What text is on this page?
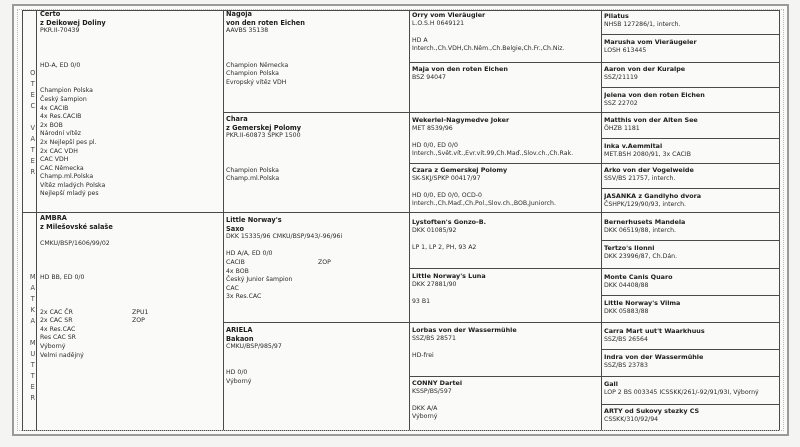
O
T
E
C

V
A
T
E
R
M
A
T
K
A

M
U
T
T
E
R
Certo
z Deikowej Doliny
PKR.II-70439
HD-A, ED 0/0
Champion Polska
Český šampion
4x CACIB
4x Res.CACIB
2x BOB
Národní vítěz
2x Nejlepší pes pl.
2x CAC VDH
CAC VDH
CAC Německa
Champ.ml.Polska
Vítěz mladých Polska
Nejlepší mladý pes
AMBRA
z Milešovské salaše
CMKU/BSP/1606/99/02
HD BB, ED 0/0
2x CAC ČR	ZPU1
2x CAC SR	ZOP
4x Res.CAC
Res CAC SR
Výborný
Velmi nadějný
Nagoja
von den roten Eichen
AAVBS 35138
Champion Německa
Champion Polska
Evropský vítěz VDH
Chara
z Gemerskej Polomy
PKR.II-60873 SPKP 1500
Champion Polska
Champ.ml.Polska
Little Norway's
Saxo
DKK 15335/96 CMKU/BSP/943/-96/96i
HD A/A, ED 0/0
CACIB	ZOP
4x BOB
Český Junior šampion
CAC
3x Res.CAC
ARIELA
Bakaon
CMKU/BSP/985/97
HD 0/0
Výborný
Orry vom Vieräugler
L.O.S.H 0649121
HD A
Interch.,Ch.VDH,Ch.Něm.,Ch.Belgie,Ch.Fr.,Ch.Niz.
Maja von den roten Eichen
BSZ 94047
Wekerlei-Nagymedve Joker
MET 8539/96
HD 0/0, ED 0/0
Interch.,Svět.vít.,Evr.vít.99,Ch.Maď.,Slov.ch.,Ch.Rak.
Czara z Gemerskej Polomy
SK-SKJ/SPKP 00417/97
HD 0/0, ED 0/0, OCD-0
Interch.,Ch.Maď.,Ch.Pol.,Slov.ch.,BOB,Juniorch.
Lystoften's Gonzo-B.
DKK 01085/92
LP 1, LP 2, PH, 93 A2
Little Norway's Luna
DKK 27881/90
93 B1
Lorbas von der Wassermühle
SSZ/BS 28571
HD-frei
CONNY Dartei
KSSP/BS/597
DKK A/A
Výborný
Pilatus
NHSB 127286/1, interch.
Marusha vom Vieräugeler
LOSH 613445
Aaron von der Kuralpe
SSZ/21119
Jelena von den roten Eichen
SSZ 22702
Matthis von der Alten See
ÖHZB 1181
Inka v.Aemmital
MET.BSH 2080/91, 3x CACIB
Arko von der Vogelweide
SSV/BS 21757, interch.
JASANKA z Gandlyho dvora
ČSHPK/129/90/93, interch.
Bernerhusets Mandela
DKK 06519/88, interch.
Tertzo's Ilonni
DKK 23996/87, Ch.Dán.
Monte Canis Quaro
DKK 04408/88
Little Norway's Vilma
DKK 05883/88
Carra Mart uut't Waarkhuus
SSZ/BS 26564
Indra von der Wassermühle
SSZ/BS 23783
Gall
LOP 2 BS 003345 ICSSKK/261/-92/91/93I, Výborný
ARTY od Sukovy stezky CS
CSSKK/310/92/94
